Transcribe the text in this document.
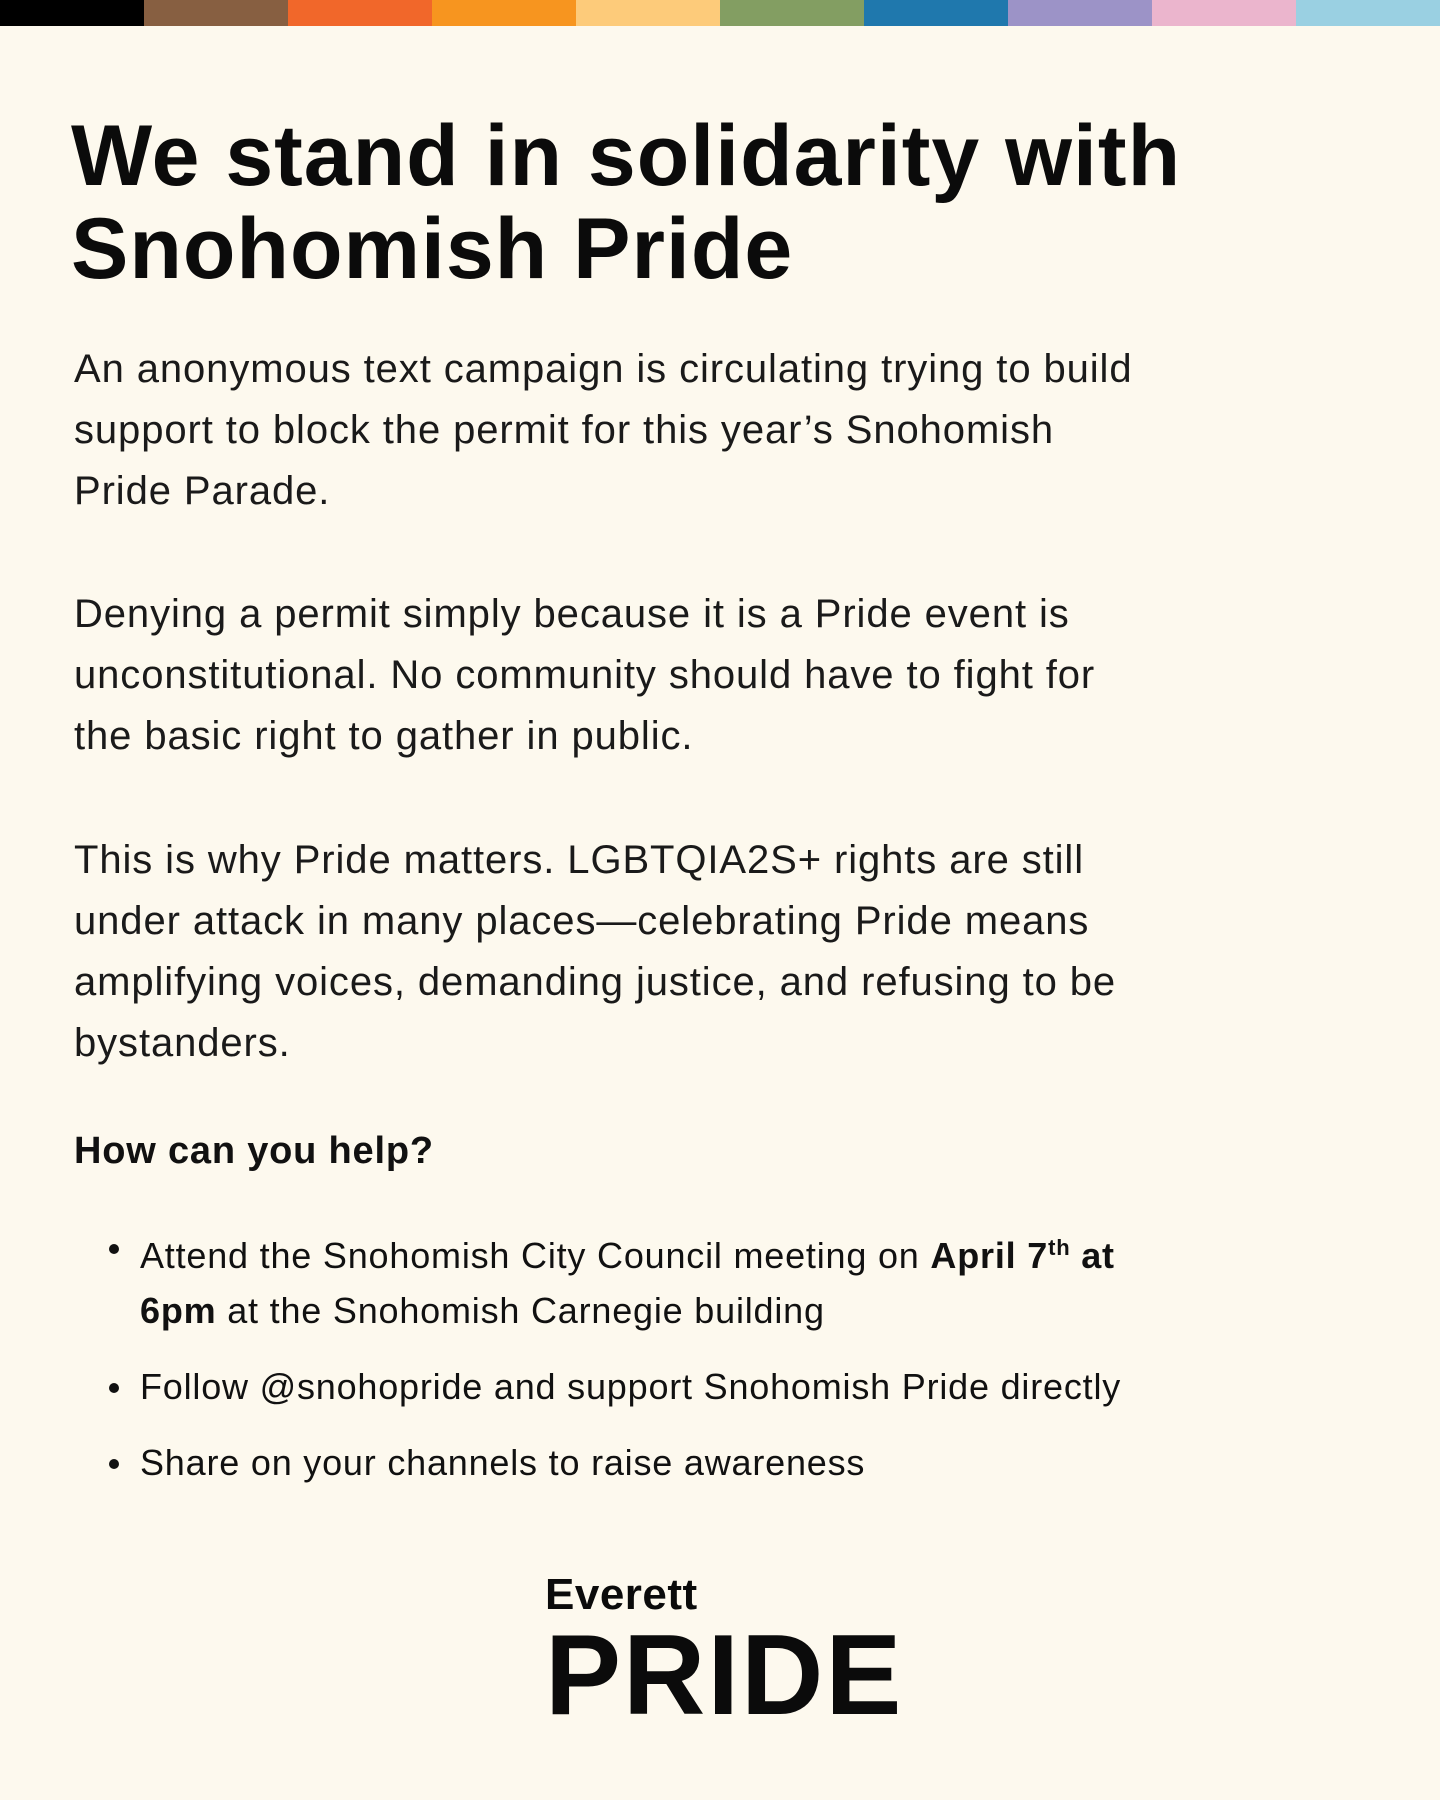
We stand in solidarity with
Snohomish Pride
An anonymous text campaign is circulating trying to build
support to block the permit for this year’s Snohomish
Pride Parade.
Denying a permit simply because it is a Pride event is
unconstitutional. No community should have to fight for
the basic right to gather in public.
This is why Pride matters. LGBTQIA2S+ rights are still
under attack in many places—celebrating Pride means
amplifying voices, demanding justice, and refusing to be
bystanders.
How can you help?
Attend the Snohomish City Council meeting on April 7th at
6pm at the Snohomish Carnegie building
Follow @snohopride and support Snohomish Pride directly
Share on your channels to raise awareness
Everett
PRIDE
